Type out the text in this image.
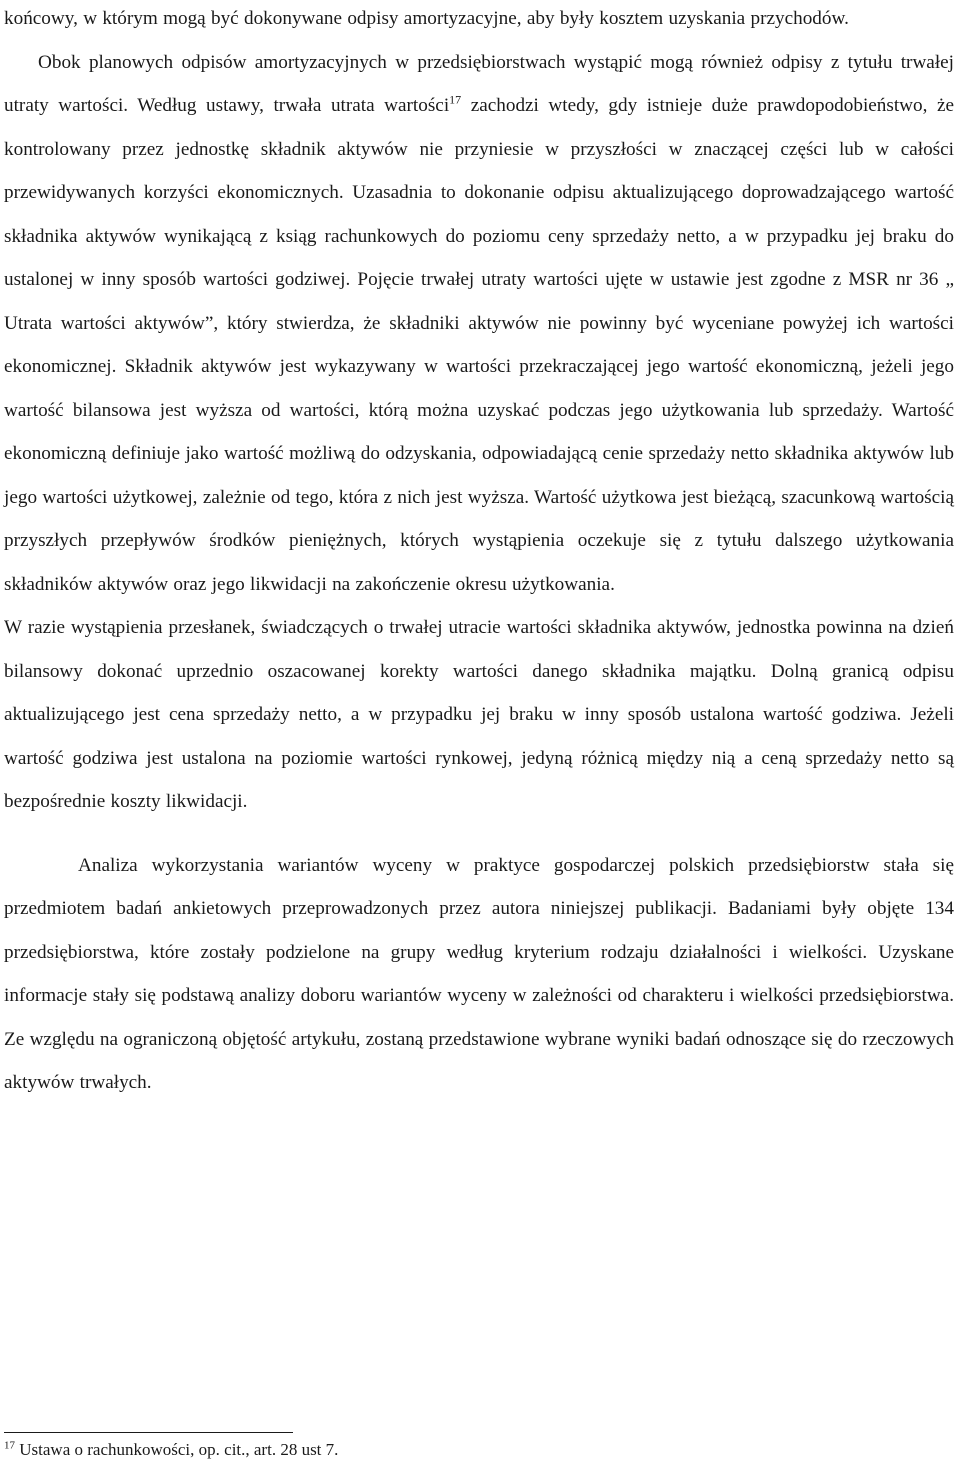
końcowy, w którym mogą być dokonywane odpisy amortyzacyjne, aby były kosztem uzyskania przychodów.

Obok planowych odpisów amortyzacyjnych w przedsiębiorstwach wystąpić mogą również odpisy z tytułu trwałej utraty wartości. Według ustawy, trwała utrata wartości$^{17}$ zachodzi wtedy, gdy istnieje duże prawdopodobieństwo, że kontrolowany przez jednostkę składnik aktywów nie przyniesie w przyszłości w znaczącej części lub w całości przewidywanych korzyści ekonomicznych. Uzasadnia to dokonanie odpisu aktualizującego doprowadzającego wartość składnika aktywów wynikającą z ksiąg rachunkowych do poziomu ceny sprzedaży netto, a w przypadku jej braku do ustalonej w inny sposób wartości godziwej. Pojęcie trwałej utraty wartości ujęte w ustawie jest zgodne z MSR nr 36 „ Utrata wartości aktywów”, który stwierdza, że składniki aktywów nie powinny być wyceniane powyżej ich wartości ekonomicznej. Składnik aktywów jest wykazywany w wartości przekraczającej jego wartość ekonomiczną, jeżeli jego wartość bilansowa jest wyższa od wartości, którą można uzyskać podczas jego użytkowania lub sprzedaży. Wartość ekonomiczną definiuje jako wartość możliwą do odzyskania, odpowiadającą cenie sprzedaży netto składnika aktywów lub jego wartości użytkowej, zależnie od tego, która z nich jest wyższa. Wartość użytkowa jest bieżącą, szacunkową wartością przyszłych przepływów środków pieniężnych, których wystąpienia oczekuje się z tytułu dalszego użytkowania składników aktywów oraz jego likwidacji na zakończenie okresu użytkowania.

W razie wystąpienia przesłanek, świadczących o trwałej utracie wartości składnika aktywów, jednostka powinna na dzień bilansowy dokonać uprzednio oszacowanej korekty wartości danego składnika majątku. Dolną granicą odpisu aktualizującego jest cena sprzedaży netto, a w przypadku jej braku w inny sposób ustalona wartość godziwa. Jeżeli wartość godziwa jest ustalona na poziomie wartości rynkowej, jedyną różnicą między nią a ceną sprzedaży netto są bezpośrednie koszty likwidacji.

Analiza wykorzystania wariantów wyceny w praktyce gospodarczej polskich przedsiębiorstw stała się przedmiotem badań ankietowych przeprowadzonych przez autora niniejszej publikacji. Badaniami były objęte 134 przedsiębiorstwa, które zostały podzielone na grupy według kryterium rodzaju działalności i wielkości. Uzyskane informacje stały się podstawą analizy doboru wariantów wyceny w zależności od charakteru i wielkości przedsiębiorstwa. Ze względu na ograniczoną objętość artykułu, zostaną przedstawione wybrane wyniki badań odnoszące się do rzeczowych aktywów trwałych.

$^{17}$ Ustawa o rachunkowości, op. cit., art. 28 ust 7.
